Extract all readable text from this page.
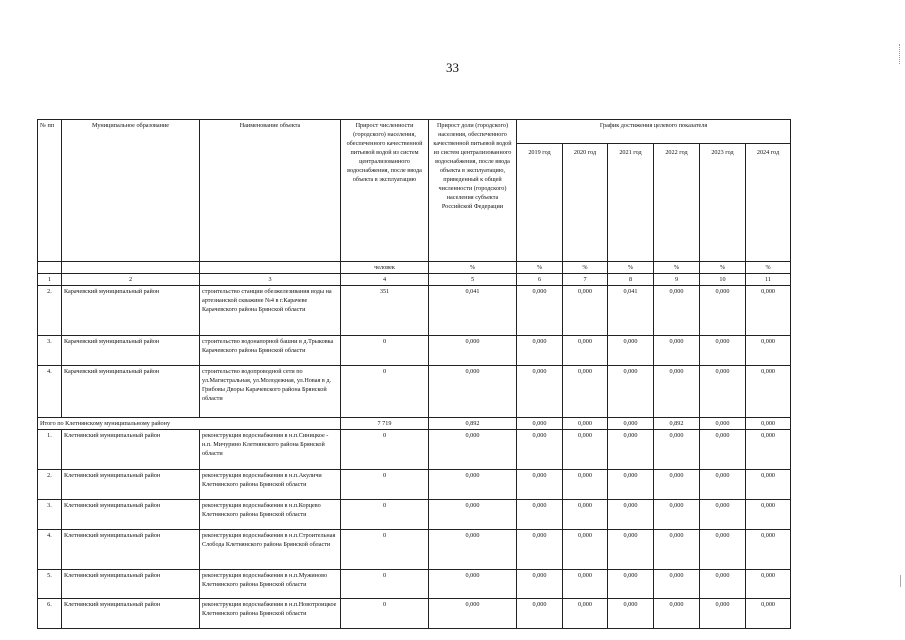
33
№ пп	Муниципальное образование	Наименование объекта	Прирост численности (городского) населения, обеспеченного качественной питьевой водой из систем централизованного водоснабжения, после ввода объекта в эксплуатацию	Прирост доли (городского) населения, обеспеченного качественной питьевой водой из систем централизованного водоснабжения, после ввода объекта в эксплуатацию, приведенный к общей численности (городского) населения субъекта Российской Федерации	График достижения целевого показателя					
					2019 год	2020 год	2021 год	2022 год	2023 год	2024 год
			человек	%	%	%	%	%	%	%
1	2	3	4	5	6	7	8	9	10	11
2.	Карачевский муниципальный район	строительство станции обезжелезивания воды на артезианской скважине №4 в г.Карачеве Карачевского района Брянской области	351	0,041	0,000	0,000	0,041	0,000	0,000	0,000
3.	Карачевский муниципальный район	строительство водонапорной башни в д.Трыковка Карачевского района Брянской области	0	0,000	0,000	0,000	0,000	0,000	0,000	0,000
4.	Карачевский муниципальный район	строительство водопроводной сети по ул.Магистральная, ул.Молодежная, ул.Новая в д. Грибовы Дворы Карачевского района Брянской области	0	0,000	0,000	0,000	0,000	0,000	0,000	0,000
Итого по Клетнянскому муниципальному району			7 719	0,892	0,000	0,000	0,000	0,892	0,000	0,000
1.	Клетнянский муниципальный район	реконструкция водоснабжения в н.п.Синицкое - н.п. Мичурино Клетнянского района Брянской области	0	0,000	0,000	0,000	0,000	0,000	0,000	0,000
2.	Клетнянский муниципальный район	реконструкция водоснабжения в н.п.Акуличи Клетнянского района Брянской области	0	0,000	0,000	0,000	0,000	0,000	0,000	0,000
3.	Клетнянский муниципальный район	реконструкция водоснабжения в н.п.Корцево Клетнянского района Брянской области	0	0,000	0,000	0,000	0,000	0,000	0,000	0,000
4.	Клетнянский муниципальный район	реконструкция водоснабжения в н.п.Строительная Слобода Клетнянского района Брянской области	0	0,000	0,000	0,000	0,000	0,000	0,000	0,000
5.	Клетнянский муниципальный район	реконструкция водоснабжения в н.п.Мужиново Клетнянского района Брянской области	0	0,000	0,000	0,000	0,000	0,000	0,000	0,000
6.	Клетнянский муниципальный район	реконструкция водоснабжения в н.п.Новотроицкое Клетнянского района Брянской области	0	0,000	0,000	0,000	0,000	0,000	0,000	0,000
